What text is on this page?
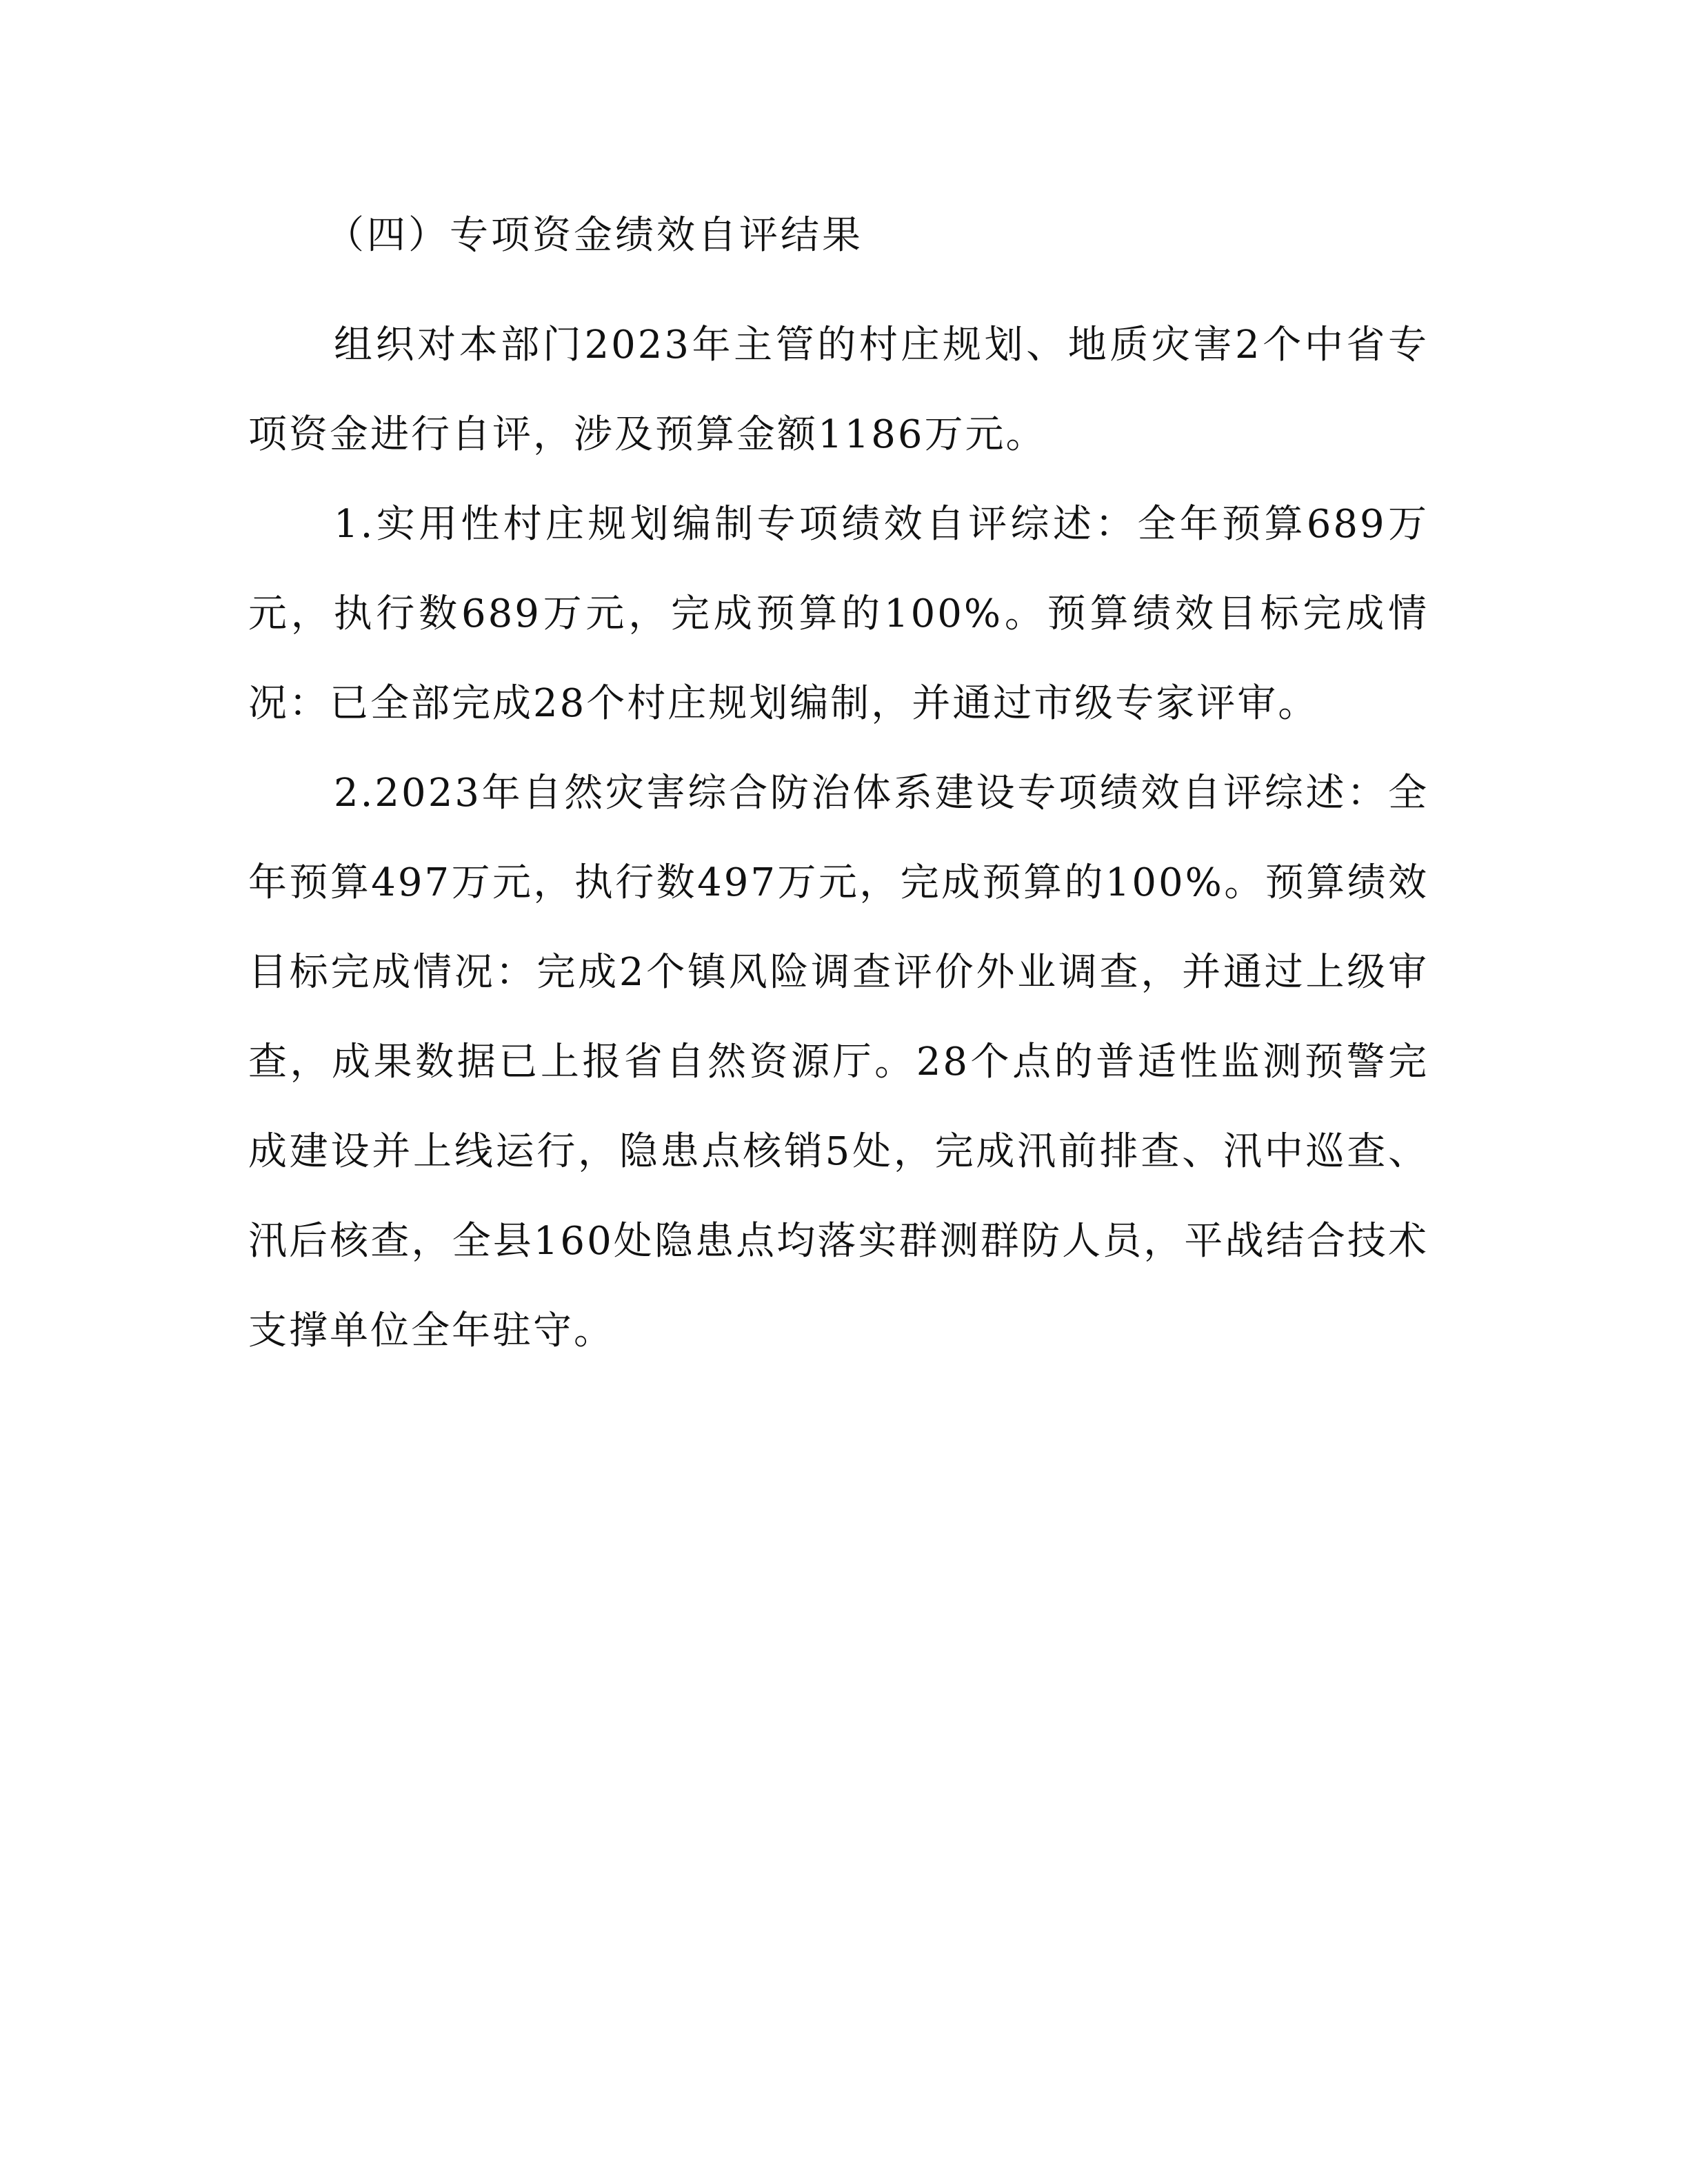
（四）专项资金绩效自评结果

组织对本部门2023年主管的村庄规划、地质灾害2个中省专项资金进行自评，涉及预算金额1186万元。

1.实用性村庄规划编制专项绩效自评综述：全年预算689万元，执行数689万元，完成预算的100%。预算绩效目标完成情况：已全部完成28个村庄规划编制，并通过市级专家评审。

2.2023年自然灾害综合防治体系建设专项绩效自评综述：全年预算497万元，执行数497万元，完成预算的100%。预算绩效目标完成情况：完成2个镇风险调查评价外业调查，并通过上级审查，成果数据已上报省自然资源厅。28个点的普适性监测预警完成建设并上线运行，隐患点核销5处，完成汛前排查、汛中巡查、汛后核查，全县160处隐患点均落实群测群防人员，平战结合技术支撑单位全年驻守。
